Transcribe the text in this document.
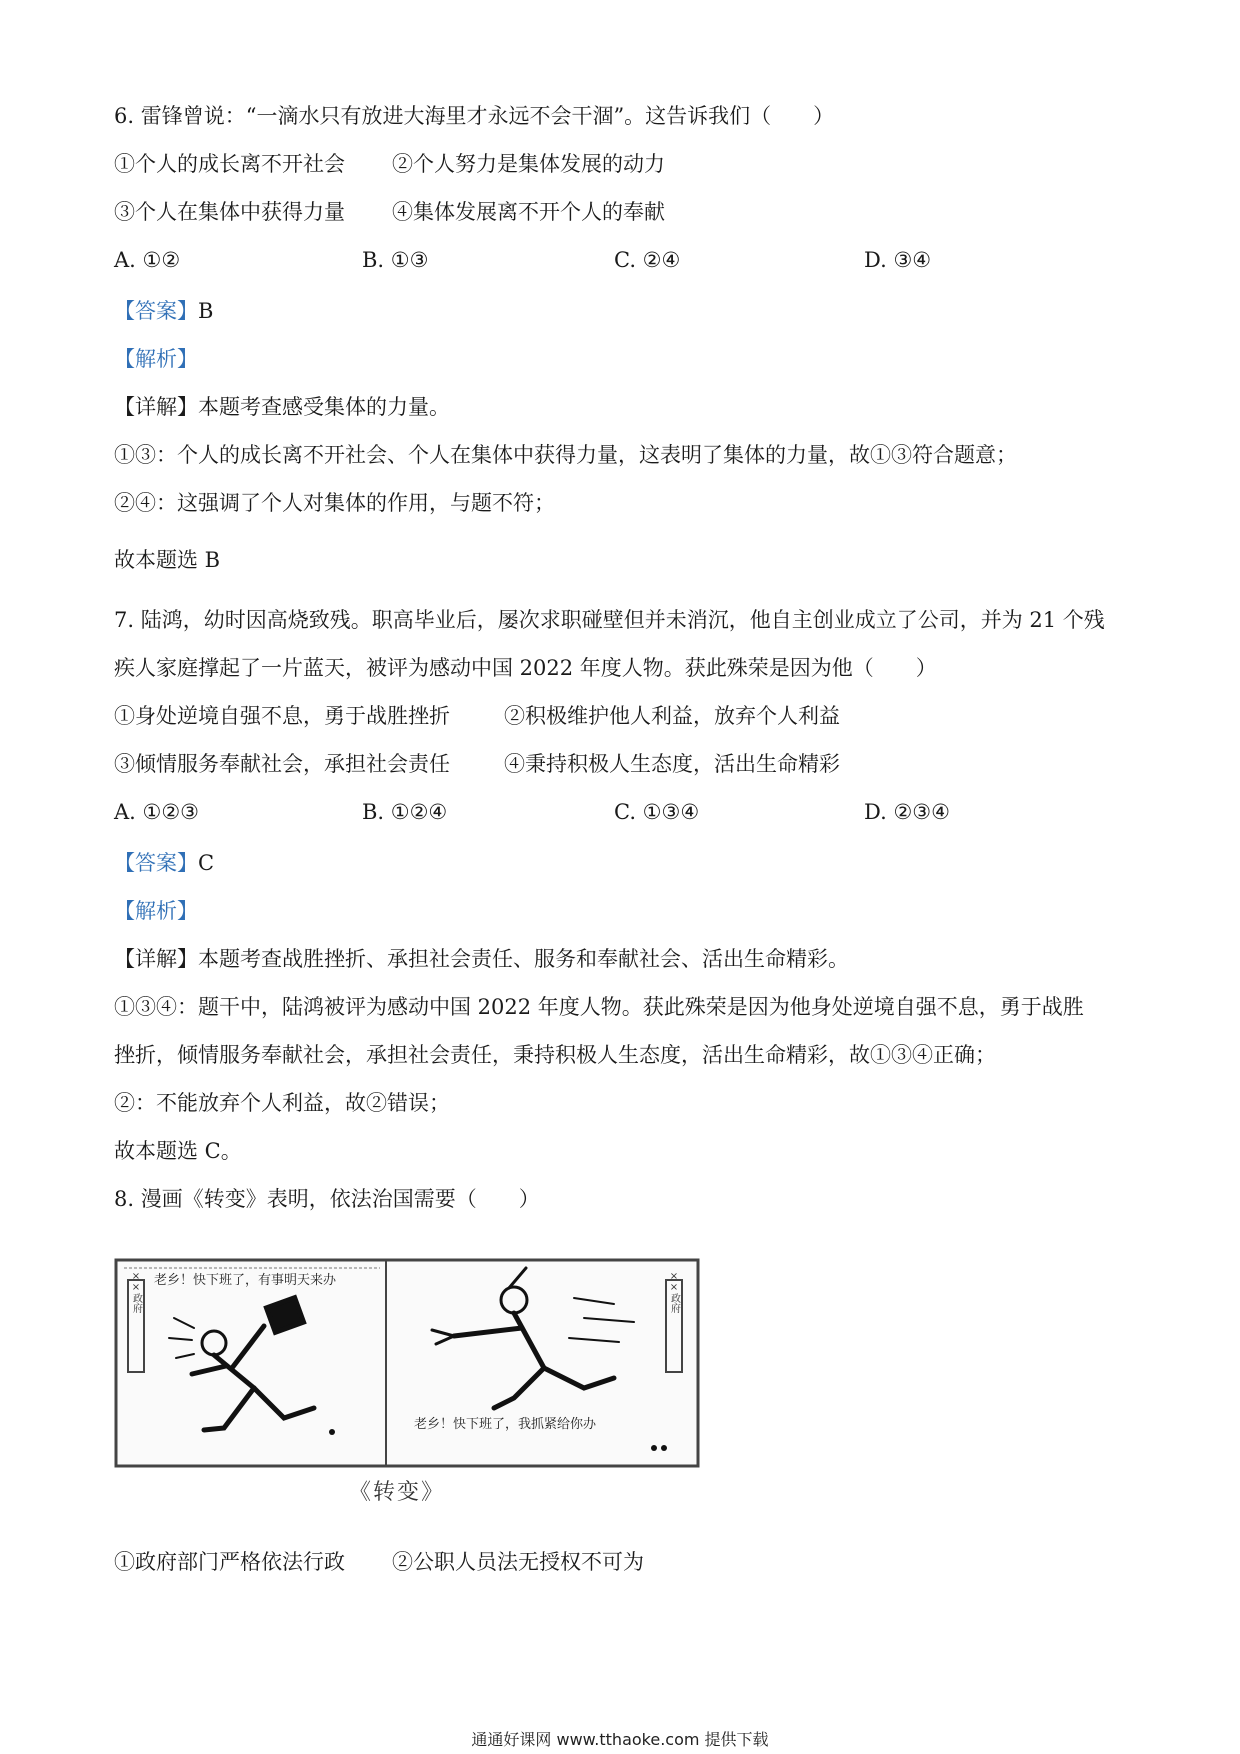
6. 雷锋曾说：“一滴水只有放进大海里才永远不会干涸”。这告诉我们（　　）
①个人的成长离不开社会 ②个人努力是集体发展的动力
③个人在集体中获得力量 ④集体发展离不开个人的奉献
A. ①②	B. ①③	C. ②④	D. ③④
【答案】B
【解析】
【详解】本题考查感受集体的力量。
①③：个人的成长离不开社会、个人在集体中获得力量，这表明了集体的力量，故①③符合题意；
②④：这强调了个人对集体的作用，与题不符；
故本题选 B
7. 陆鸿，幼时因高烧致残。职高毕业后，屡次求职碰壁但并未消沉，他自主创业成立了公司，并为 21 个残
疾人家庭撑起了一片蓝天，被评为感动中国 2022 年度人物。获此殊荣是因为他（　　）
①身处逆境自强不息，勇于战胜挫折	②积极维护他人利益，放弃个人利益
③倾情服务奉献社会，承担社会责任	④秉持积极人生态度，活出生命精彩
A. ①②③	B. ①②④	C. ①③④	D. ②③④
【答案】C
【解析】
【详解】本题考查战胜挫折、承担社会责任、服务和奉献社会、活出生命精彩。
①③④：题干中，陆鸿被评为感动中国 2022 年度人物。获此殊荣是因为他身处逆境自强不息，勇于战胜
挫折，倾情服务奉献社会，承担社会责任，秉持积极人生态度，活出生命精彩，故①③④正确；
②：不能放弃个人利益，故②错误；
故本题选 C。
8. 漫画《转变》表明，依法治国需要（　　）
××政府 老乡！快下班了，有事明天来办	××政府
老乡！快下班了，我抓紧给你办
《转变》
①政府部门严格依法行政 ②公职人员法无授权不可为
通通好课网 www.tthaoke.com 提供下载
